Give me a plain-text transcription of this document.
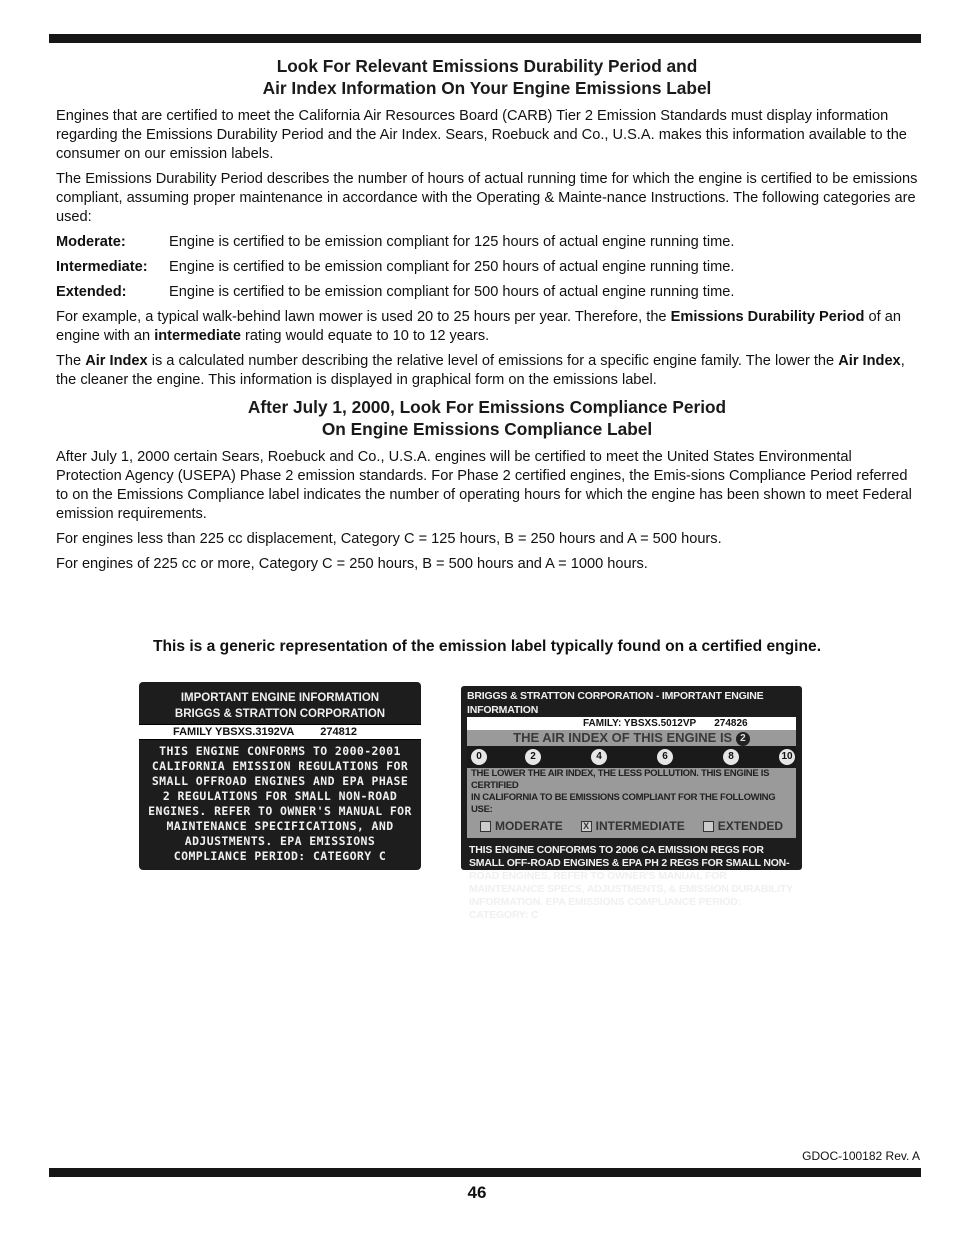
Look For Relevant Emissions Durability Period and
Air Index Information On Your Engine Emissions Label

Engines that are certified to meet the California Air Resources Board (CARB) Tier 2 Emission Standards must display information regarding the Emissions Durability Period and the Air Index. Sears, Roebuck and Co., U.S.A. makes this information available to the consumer on our emission labels.

The Emissions Durability Period describes the number of hours of actual running time for which the engine is certified to be emissions compliant, assuming proper maintenance in accordance with the Operating & Mainte-nance Instructions. The following categories are used:

Moderate:	Engine is certified to be emission compliant for 125 hours of actual engine running time.
Intermediate:	Engine is certified to be emission compliant for 250 hours of actual engine running time.
Extended:	Engine is certified to be emission compliant for 500 hours of actual engine running time.

For example, a typical walk-behind lawn mower is used 20 to 25 hours per year. Therefore, the Emissions Durability Period of an engine with an intermediate rating would equate to 10 to 12 years.

The Air Index is a calculated number describing the relative level of emissions for a specific engine family. The lower the Air Index, the cleaner the engine. This information is displayed in graphical form on the emissions label.

After July 1, 2000, Look For Emissions Compliance Period
On Engine Emissions Compliance Label

After July 1, 2000 certain Sears, Roebuck and Co., U.S.A. engines will be certified to meet the United States Environmental Protection Agency (USEPA) Phase 2 emission standards. For Phase 2 certified engines, the Emis-sions Compliance Period referred to on the Emissions Compliance label indicates the number of operating hours for which the engine has been shown to meet Federal emission requirements.

For engines less than 225 cc displacement, Category C = 125 hours, B = 250 hours and A = 500 hours.

For engines of 225 cc or more, Category C = 250 hours, B = 500 hours and A = 1000 hours.

This is a generic representation of the emission label typically found on a certified engine.
IMPORTANT ENGINE INFORMATION
BRIGGS & STRATTON CORPORATION
FAMILY YBSXS.3192VA 274812
THIS ENGINE CONFORMS TO 2000-2001 CALIFORNIA EMISSION REGULATIONS FOR SMALL OFFROAD ENGINES AND EPA PHASE 2 REGULATIONS FOR SMALL NON-ROAD ENGINES. REFER TO OWNER'S MANUAL FOR MAINTENANCE SPECIFICATIONS, AND ADJUSTMENTS. EPA EMISSIONS COMPLIANCE PERIOD: CATEGORY C
BRIGGS & STRATTON CORPORATION - IMPORTANT ENGINE INFORMATION
FAMILY: YBSXS.5012VP 274826
THE AIR INDEX OF THIS ENGINE IS 2
0	2	4	6	8	10
THE LOWER THE AIR INDEX, THE LESS POLLUTION. THIS ENGINE IS CERTIFIED
IN CALIFORNIA TO BE EMISSIONS COMPLIANT FOR THE FOLLOWING USE:
MODERATE X INTERMEDIATE	EXTENDED
THIS ENGINE CONFORMS TO 2006 CA EMISSION REGS FOR SMALL OFF-ROAD ENGINES & EPA PH 2 REGS FOR SMALL NON-ROAD ENGINES. REFER TO OWNER'S MANUAL FOR MAINTENANCE SPECS, ADJUSTMENTS, & EMISSION DURABILITY INFORMATION. EPA EMISSIONS COMPLIANCE PERIOD: CATEGORY: C
GDOC-100182 Rev. A
46
